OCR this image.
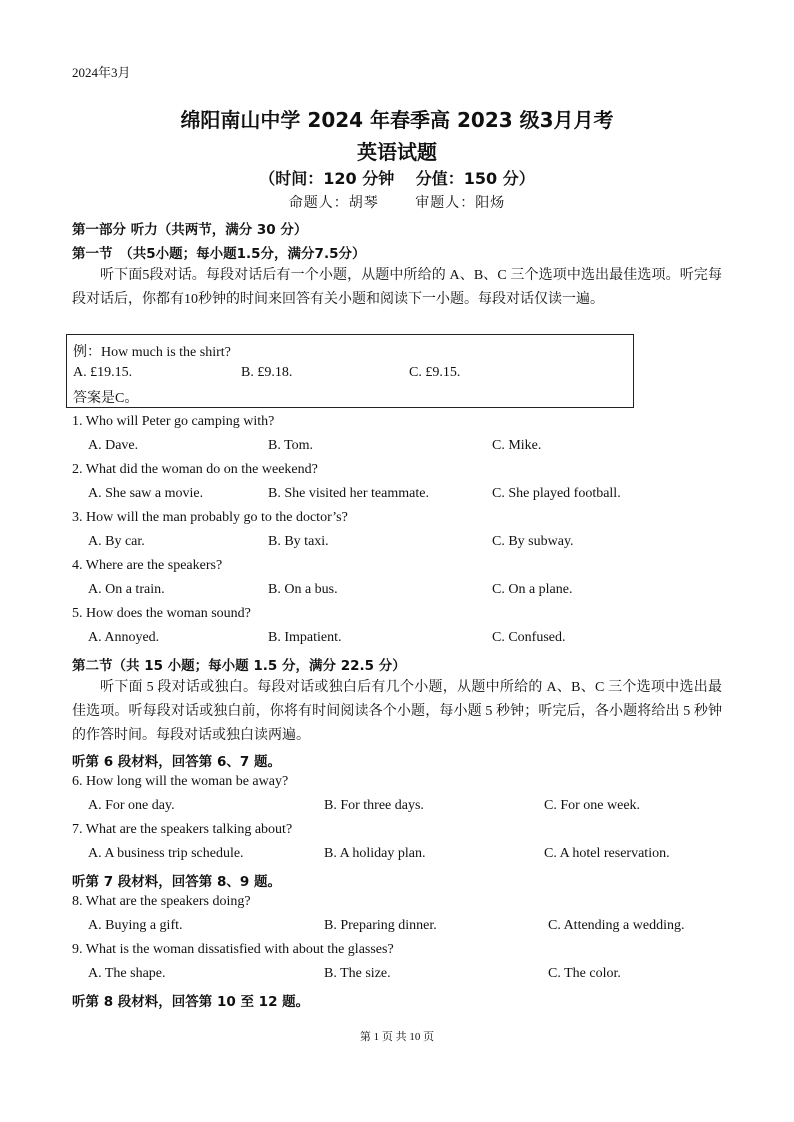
2024年3月
绵阳南山中学 2024 年春季高 2023 级3月月考
英语试题
（时间：120 分钟　 分值：150 分）
命题人：胡琴	审题人：阳炀
第一部分 听力（共两节，满分 30 分）
第一节　（共5小题；每小题1.5分，满分7.5分）
听下面5段对话。每段对话后有一个小题，从题中所给的 A、B、C 三个选项中选出最佳选项。听完每段对话后，你都有10秒钟的时间来回答有关小题和阅读下一小题。每段对话仅读一遍。
例：How much is the shirt?
A. £19.15.	B. £9.18.	C. £9.15.
答案是C。
1. Who will Peter go camping with?
A. Dave.	B. Tom.	C. Mike.
2. What did the woman do on the weekend?
A. She saw a movie.	B. She visited her teammate.	C. She played football.
3. How will the man probably go to the doctor’s?
A. By car.	B. By taxi.	C. By subway.
4. Where are the speakers?
A. On a train.	B. On a bus.	C. On a plane.
5. How does the woman sound?
A. Annoyed.	B. Impatient.	C. Confused.
第二节（共 15 小题；每小题 1.5 分，满分 22.5 分）
听下面 5 段对话或独白。每段对话或独白后有几个小题，从题中所给的 A、B、C 三个选项中选出最佳选项。听每段对话或独白前，你将有时间阅读各个小题，每小题 5 秒钟；听完后，各小题将给出 5 秒钟的作答时间。每段对话或独白读两遍。
听第 6 段材料，回答第 6、7 题。
6. How long will the woman be away?
A. For one day.	B. For three days.	C. For one week.
7. What are the speakers talking about?
A. A business trip schedule.	B. A holiday plan.	C. A hotel reservation.
听第 7 段材料，回答第 8、9 题。
8. What are the speakers doing?
A. Buying a gift.	B. Preparing dinner.	C. Attending a wedding.
9. What is the woman dissatisfied with about the glasses?
A. The shape.	B. The size.	C. The color.
听第 8 段材料，回答第 10 至 12 题。
第 1 页 共 10 页
